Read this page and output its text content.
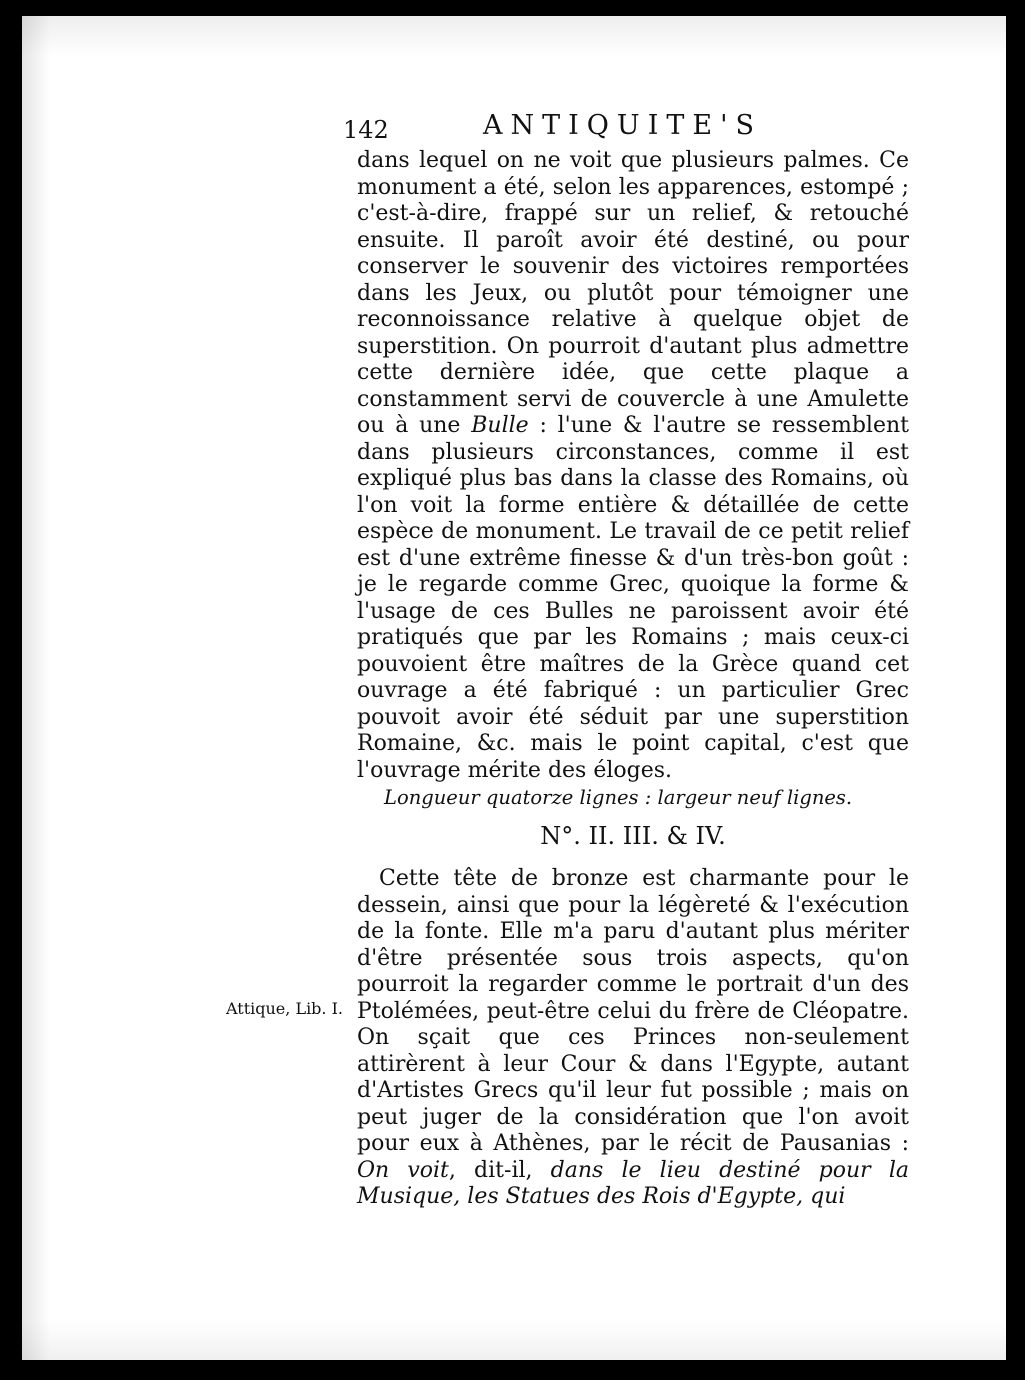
142	ANTIQUITE'S

dans lequel on ne voit que plusieurs palmes. Ce monument a été, selon les apparences, estompé ; c'est-à-dire, frappé sur un relief, & retouché ensuite. Il paroît avoir été destiné, ou pour conserver le souvenir des victoires remportées dans les Jeux, ou plutôt pour témoigner une reconnoissance relative à quelque objet de superstition. On pourroit d'autant plus admettre cette dernière idée, que cette plaque a constamment servi de couvercle à une Amulette ou à une Bulle : l'une & l'autre se ressemblent dans plusieurs circonstances, comme il est expliqué plus bas dans la classe des Romains, où l'on voit la forme entière & détaillée de cette espèce de monument. Le travail de ce petit relief est d'une extrême finesse & d'un très-bon goût : je le regarde comme Grec, quoique la forme & l'usage de ces Bulles ne paroissent avoir été pratiqués que par les Romains ; mais ceux-ci pouvoient être maîtres de la Grèce quand cet ouvrage a été fabriqué : un particulier Grec pouvoit avoir été séduit par une superstition Romaine, &c. mais le point capital, c'est que l'ouvrage mérite des éloges.

Longueur quatorze lignes : largeur neuf lignes.

N°. II. III. & IV.

Cette tête de bronze est charmante pour le dessein, ainsi que pour la légèreté & l'exécution de la fonte. Elle m'a paru d'autant plus mériter d'être présentée sous trois aspects, qu'on pourroit la regarder comme le portrait d'un des Ptolémées, peut-être celui du frère de Cléopatre. On sçait que ces Princes non-seulement attirèrent à leur Cour & dans l'Egypte, autant d'Artistes Grecs qu'il leur fut possible ; mais on peut juger de la considération que l'on avoit pour eux à Athènes, par le récit de Pausanias : On voit, dit-il, dans le lieu destiné pour la Musique, les Statues des Rois d'Egypte, qui

Attique, Lib. I.
